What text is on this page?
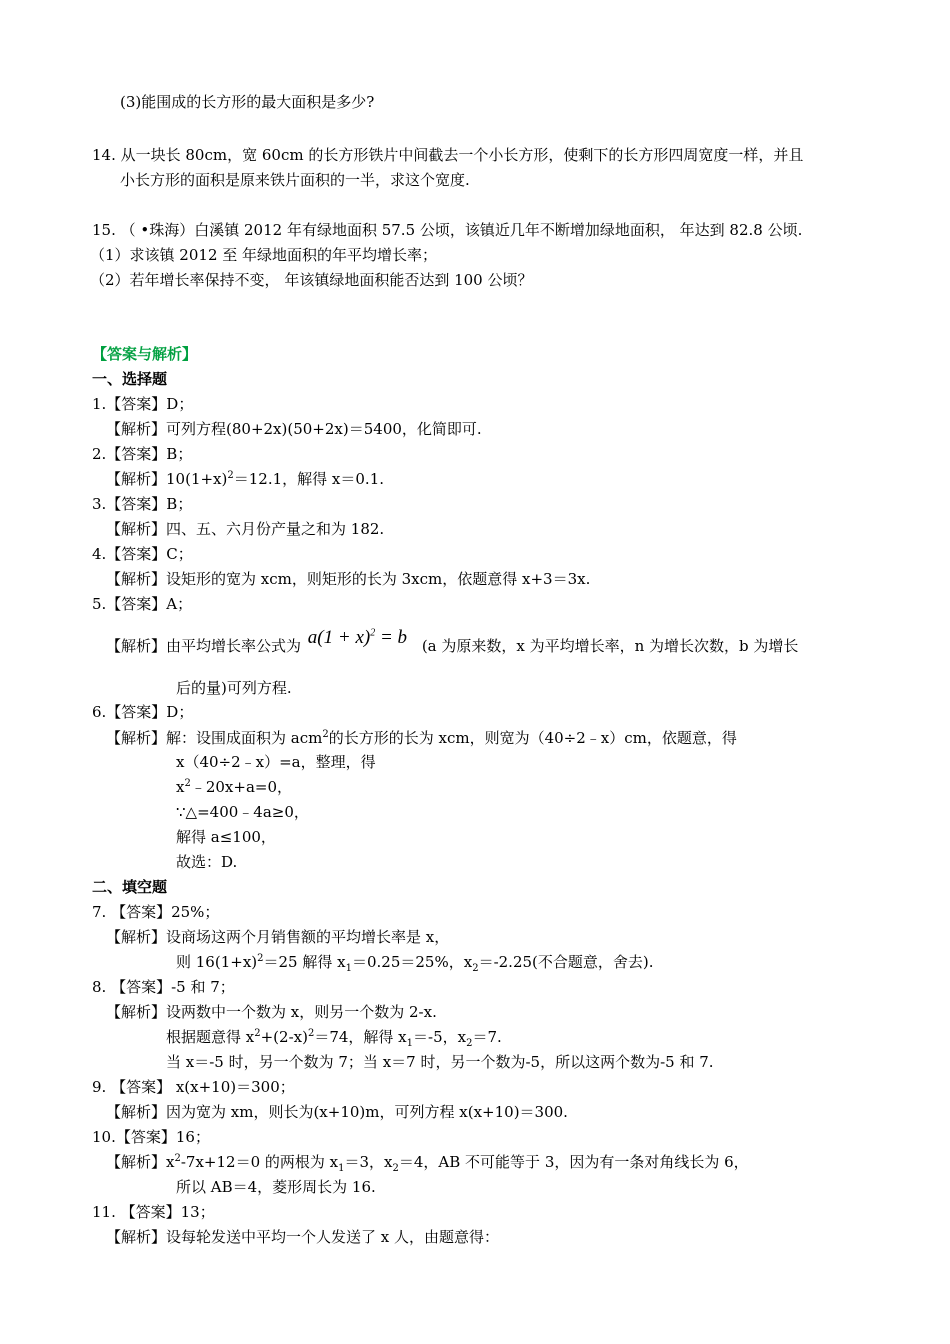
(3)能围成的长方形的最大面积是多少?
14. 从一块长 80cm，宽 60cm 的长方形铁片中间截去一个小长方形，使剩下的长方形四周宽度一样，并且
小长方形的面积是原来铁片面积的一半，求这个宽度.
15. （ •珠海）白溪镇 2012 年有绿地面积 57.5 公顷，该镇近几年不断增加绿地面积， 年达到 82.8 公顷.
（1）求该镇 2012 至 年绿地面积的年平均增长率；
（2）若年增长率保持不变， 年该镇绿地面积能否达到 100 公顷？
【答案与解析】
一、选择题
1.【答案】D；
【解析】可列方程(80+2x)(50+2x)＝5400，化简即可.
2.【答案】B；
【解析】$10(1+x)^2=12.1$，解得 x＝0.1.
3.【答案】B；
【解析】四、五、六月份产量之和为 182.
4.【答案】C；
【解析】设矩形的宽为 xcm，则矩形的长为 3xcm，依题意得 x+3＝3x.
5.【答案】A；
【解析】由平均增长率公式为 $a(1 + x)^2 = b$ (a 为原来数，x 为平均增长率，n 为增长次数，b 为增长
后的量)可列方程.
6.【答案】D；
【解析】解：设围成面积为 acm$^2$的长方形的长为 xcm，则宽为（40÷2﹣x）cm，依题意，得
x（40÷2﹣x）=a，整理，得
$x^2﹣20x+a=0$，
∵△=400﹣4a≥0，
解得 a≤100，
故选：D.
二、填空题
7. 【答案】25%；
【解析】设商场这两个月销售额的平均增长率是 x，
则 $16(1+x)^2=25$ 解得 $x_1=0.25=25\%$，$x_2=-2.25$(不合题意，舍去).
8. 【答案】-5 和 7；
【解析】设两数中一个数为 x，则另一个数为 2-x.
根据题意得 $x^2+(2-x)^2=74$，解得 $x_1=-5$，$x_2=7$.
当 x＝-5 时，另一个数为 7；当 x＝7 时，另一个数为-5，所以这两个数为-5 和 7.
9. 【答案】 x(x+10)＝300；
【解析】因为宽为 xm，则长为(x+10)m，可列方程 x(x+10)＝300.
10.【答案】16；
【解析】$x^2-7x+12=0$ 的两根为 $x_1=3$，$x_2=4$，AB 不可能等于 3，因为有一条对角线长为 6，
所以 AB＝4，菱形周长为 16.
11. 【答案】13；
【解析】设每轮发送中平均一个人发送了 x 人，由题意得：
